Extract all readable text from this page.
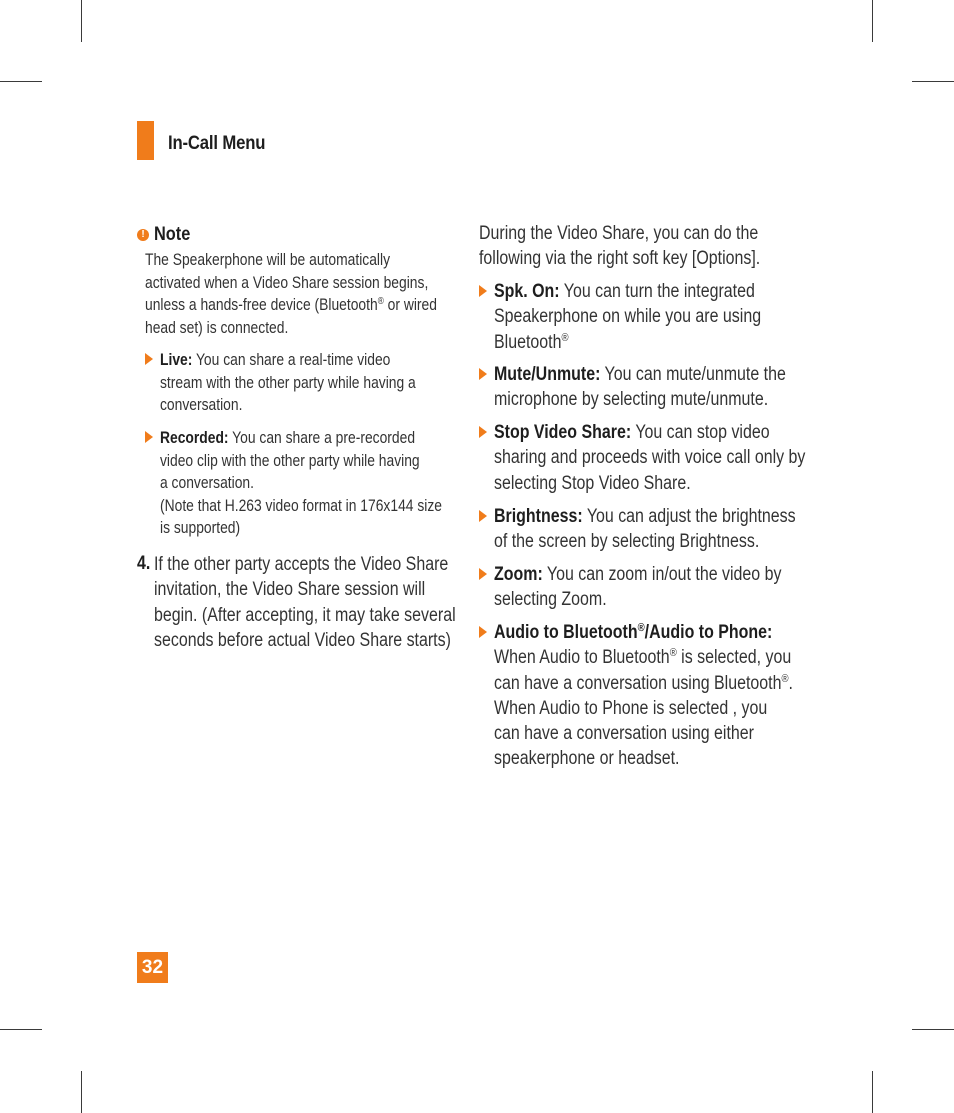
In-Call Menu
! Note
The Speakerphone will be automatically
activated when a Video Share session begins,
unless a hands-free device (Bluetooth® or wired
head set) is connected.
Live: You can share a real-time video
stream with the other party while having a
conversation.
Recorded: You can share a pre-recorded
video clip with the other party while having
a conversation.
(Note that H.263 video format in 176x144 size
is supported)
4. If the other party accepts the Video Share
invitation, the Video Share session will
begin. (After accepting, it may take several
seconds before actual Video Share starts)
During the Video Share, you can do the
following via the right soft key [Options].
Spk. On: You can turn the integrated
Speakerphone on while you are using
Bluetooth®
Mute/Unmute: You can mute/unmute the
microphone by selecting mute/unmute.
Stop Video Share: You can stop video
sharing and proceeds with voice call only by
selecting Stop Video Share.
Brightness: You can adjust the brightness
of the screen by selecting Brightness.
Zoom: You can zoom in/out the video by
selecting Zoom.
Audio to Bluetooth®/Audio to Phone:
When Audio to Bluetooth® is selected, you
can have a conversation using Bluetooth®.
When Audio to Phone is selected , you
can have a conversation using either
speakerphone or headset.
32
